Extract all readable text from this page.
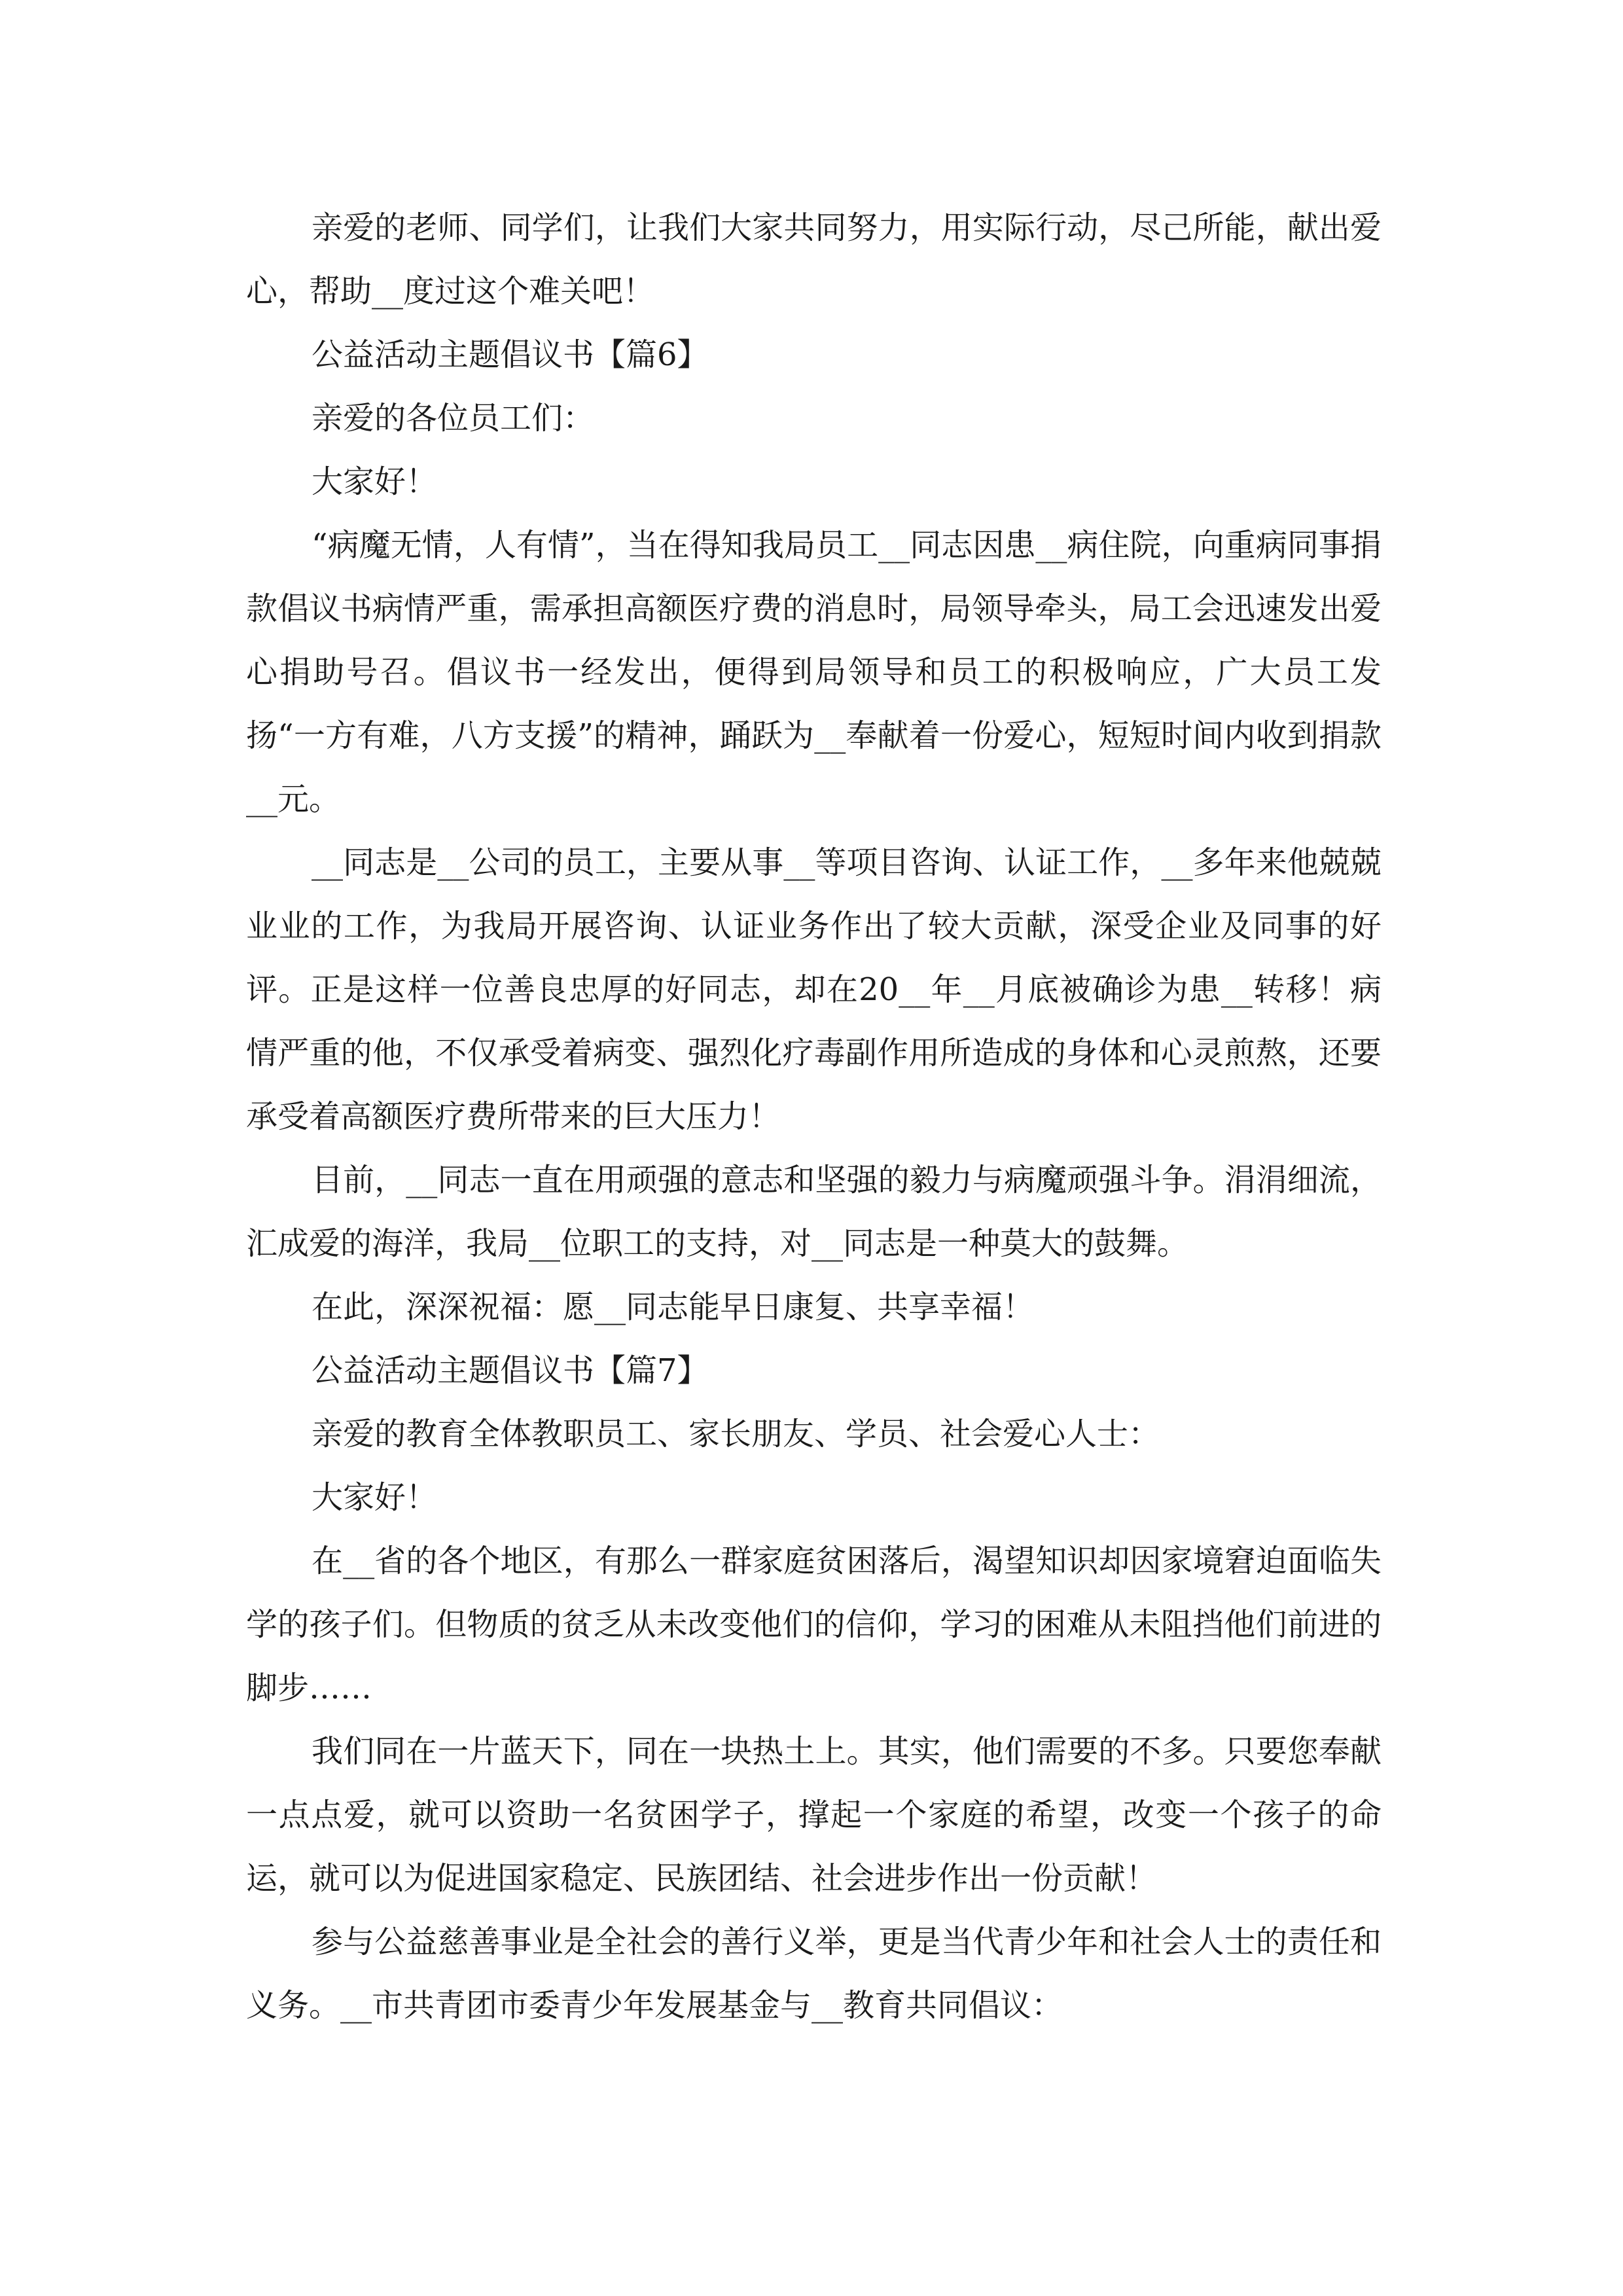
亲爱的老师、同学们，让我们大家共同努力，用实际行动，尽己所能，献出爱心，帮助__度过这个难关吧！

公益活动主题倡议书【篇6】

亲爱的各位员工们：

大家好！

“病魔无情，人有情”，当在得知我局员工__同志因患__病住院，向重病同事捐款倡议书病情严重，需承担高额医疗费的消息时，局领导牵头，局工会迅速发出爱心捐助号召。倡议书一经发出，便得到局领导和员工的积极响应，广大员工发扬“一方有难，八方支援”的精神，踊跃为__奉献着一份爱心，短短时间内收到捐款__元。

__同志是__公司的员工，主要从事__等项目咨询、认证工作，__多年来他兢兢业业的工作，为我局开展咨询、认证业务作出了较大贡献，深受企业及同事的好评。正是这样一位善良忠厚的好同志，却在20__年__月底被确诊为患__转移！病情严重的他，不仅承受着病变、强烈化疗毒副作用所造成的身体和心灵煎熬，还要承受着高额医疗费所带来的巨大压力！

目前，__同志一直在用顽强的意志和坚强的毅力与病魔顽强斗争。涓涓细流，汇成爱的海洋，我局__位职工的支持，对__同志是一种莫大的鼓舞。

在此，深深祝福：愿__同志能早日康复、共享幸福！

公益活动主题倡议书【篇7】

亲爱的教育全体教职员工、家长朋友、学员、社会爱心人士：

大家好！

在__省的各个地区，有那么一群家庭贫困落后，渴望知识却因家境窘迫面临失学的孩子们。但物质的贫乏从未改变他们的信仰，学习的困难从未阻挡他们前进的脚步……

我们同在一片蓝天下，同在一块热土上。其实，他们需要的不多。只要您奉献一点点爱，就可以资助一名贫困学子，撑起一个家庭的希望，改变一个孩子的命运，就可以为促进国家稳定、民族团结、社会进步作出一份贡献！

参与公益慈善事业是全社会的善行义举，更是当代青少年和社会人士的责任和义务。__市共青团市委青少年发展基金与__教育共同倡议：
